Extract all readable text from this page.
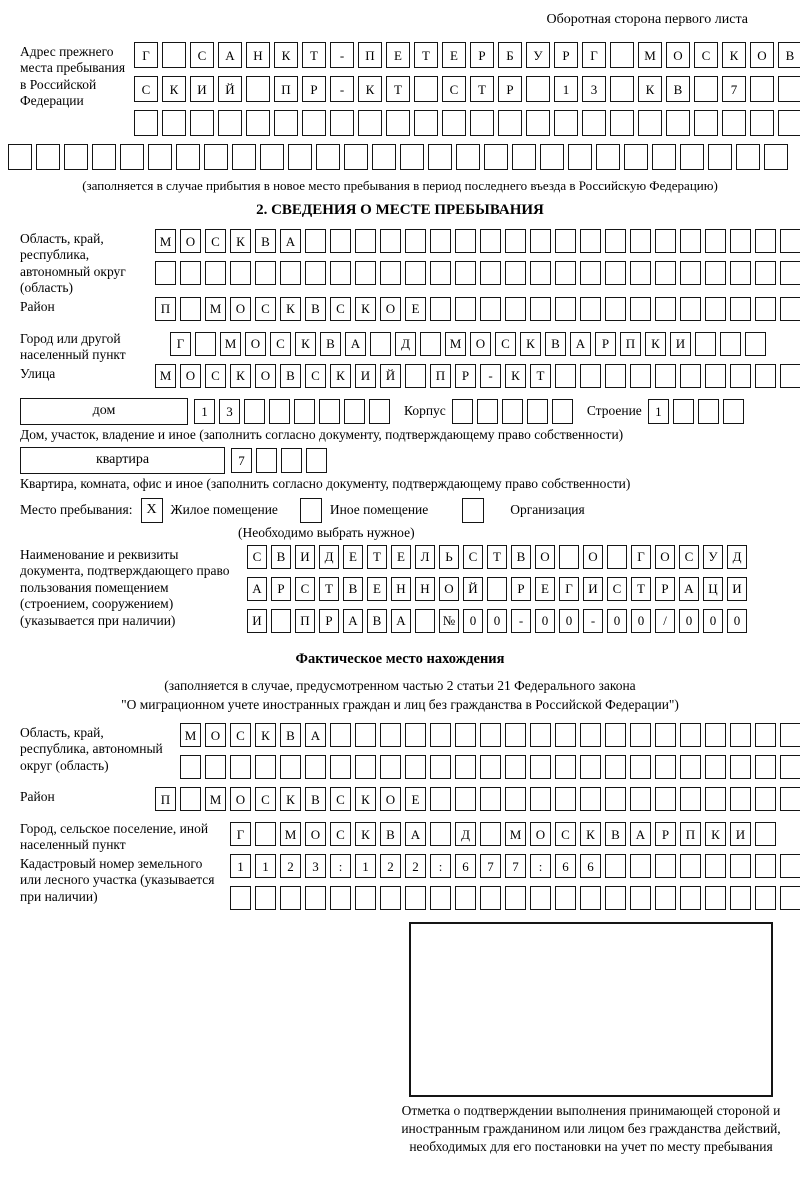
Оборотная сторона первого листа
Адрес прежнего места пребывания в Российской Федерации
Г	С	А	Н	К	Т	-	П	Е	Т	Е	Р	Б	У	Р	Г	М	О	С	К	О	В
С	К	И	Й	П	Р	-	К	Т	С	Т	Р	1	3	К	В	7
(заполняется в случае прибытия в новое место пребывания в период последнего въезда в Российскую Федерацию)
2. СВЕДЕНИЯ О МЕСТЕ ПРЕБЫВАНИЯ
Область, край, республика, автономный округ (область)
М	О	С	К	В	А
Район	П	М	О	С	К	В	С	К	О	Е
Город или другой населенный пункт
Г	М	О	С	К	В	А	Д	М	О	С	К	В	А	Р	П	К	И
Улица	М	О	С	К	О	В	С	К	И	Й	П	Р	-	К	Т
дом	1	3	Корпус	Строение	1
Дом, участок, владение и иное (заполнить согласно документу, подтверждающему право собственности)
квартира	7
Квартира, комната, офис и иное (заполнить согласно документу, подтверждающему право собственности)
Место пребывания: X	Жилое помещение	Иное помещение	Организация
(Необходимо выбрать нужное)
Наименование и реквизиты документа, подтверждающего право пользования помещением (строением, сооружением) (указывается при наличии)
С	В	И	Д	Е	Т	Е	Л	Ь	С	Т	В	О	О	Г	О	С	У	Д
А	Р	С	Т	В	Е	Н	Н	О	Й	Р	Е	Г	И	С	Т	Р	А	Ц	И
И	П	Р	А	В	А	№	0	0	-	0	0	-	0	0	/	0	0	0
Фактическое место нахождения
(заполняется в случае, предусмотренном частью 2 статьи 21 Федерального закона
"О миграционном учете иностранных граждан и лиц без гражданства в Российской Федерации")
Область, край, республика, автономный округ (область)
М	О	С	К	В	А
Район	П	М	О	С	К	В	С	К	О	Е
Город, сельское поселение, иной населенный пункт
Г	М	О	С	К	В	А	Д	М	О	С	К	В	А	Р	П	К	И
Кадастровый номер земельного или лесного участка (указывается при наличии)
1	1	2	3	:	1	2	2	:	6	7	7	:	6	6
Отметка о подтверждении выполнения принимающей стороной и иностранным гражданином или лицом без гражданства действий, необходимых для его постановки на учет по месту пребывания
